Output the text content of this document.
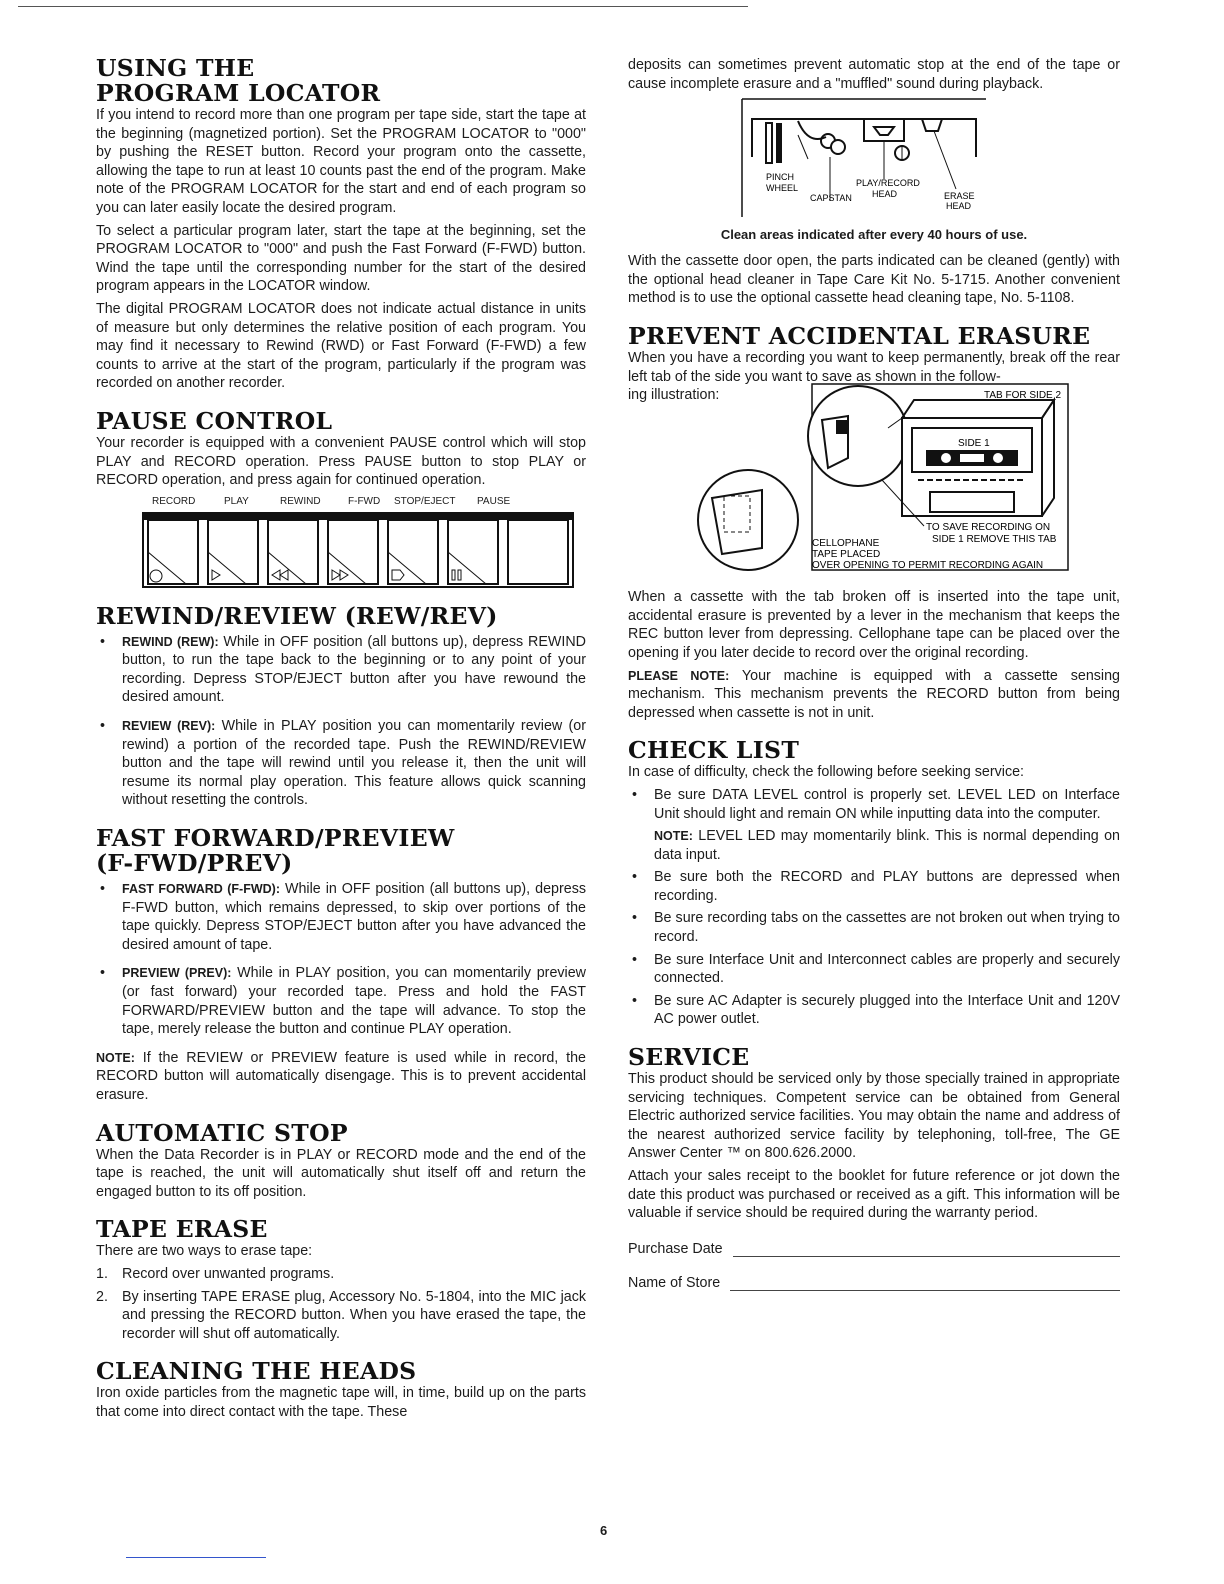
USING THE
PROGRAM LOCATOR

If you intend to record more than one program per tape side, start the tape at the beginning (magnetized portion). Set the PROGRAM LOCATOR to "000" by pushing the RESET button. Record your program onto the cassette, allowing the tape to run at least 10 counts past the end of the program. Make note of the PROGRAM LOCATOR for the start and end of each program so you can later easily locate the desired program.

To select a particular program later, start the tape at the beginning, set the PROGRAM LOCATOR to "000" and push the Fast Forward (F-FWD) button. Wind the tape until the corresponding number for the start of the desired program appears in the LOCATOR window.

The digital PROGRAM LOCATOR does not indicate actual distance in units of measure but only determines the relative position of each program. You may find it necessary to Rewind (RWD) or Fast Forward (F-FWD) a few counts to arrive at the start of the program, particularly if the program was recorded on another recorder.

PAUSE CONTROL

Your recorder is equipped with a convenient PAUSE control which will stop PLAY and RECORD operation. Press PAUSE button to stop PLAY or RECORD operation, and press again for continued operation.

RECORD	PLAY	REWIND	F-FWD STOP/EJECT PAUSE
REWIND/REVIEW (REW/REV)
• REWIND (REW): While in OFF position (all buttons up), depress REWIND button, to run the tape back to the beginning or to any point of your recording. Depress STOP/EJECT button after you have rewound the desired amount.
• REVIEW (REV): While in PLAY position you can momentarily review (or rewind) a portion of the recorded tape. Push the REWIND/REVIEW button and the tape will rewind until you release it, then the unit will resume its normal play operation. This feature allows quick scanning without resetting the controls.
FAST FORWARD/PREVIEW
(F-FWD/PREV)
• FAST FORWARD (F-FWD): While in OFF position (all buttons up), depress F-FWD button, which remains depressed, to skip over portions of the tape quickly. Depress STOP/EJECT button after you have advanced the desired amount of tape.
• PREVIEW (PREV): While in PLAY position, you can momentarily preview (or fast forward) your recorded tape. Press and hold the FAST FORWARD/PREVIEW button and the tape will advance. To stop the tape, merely release the button and continue PLAY operation.

NOTE: If the REVIEW or PREVIEW feature is used while in record, the RECORD button will automatically disengage. This is to prevent accidental erasure.

AUTOMATIC STOP

When the Data Recorder is in PLAY or RECORD mode and the end of the tape is reached, the unit will automatically shut itself off and return the engaged button to its off position.

TAPE ERASE

There are two ways to erase tape:

1. Record over unwanted programs.
2. By inserting TAPE ERASE plug, Accessory No. 5-1804, into the MIC jack and pressing the RECORD button. When you have erased the tape, the recorder will shut off automatically.
CLEANING THE HEADS

Iron oxide particles from the magnetic tape will, in time, build up on the parts that come into direct contact with the tape. These

deposits can sometimes prevent automatic stop at the end of the tape or cause incomplete erasure and a "muffled" sound during playback.

PINCH
WHEEL	PLAY/RECORD
HEAD
CAPSTAN	ERASE
HEAD
Clean areas indicated after every 40 hours of use.

With the cassette door open, the parts indicated can be cleaned (gently) with the optional head cleaner in Tape Care Kit No. 5-1715. Another convenient method is to use the optional cassette head cleaning tape, No. 5-1108.

PREVENT ACCIDENTAL ERASURE

When you have a recording you want to keep permanently, break off the rear left tab of the side you want to save as shown in the follow-

ing illustration:	TAB FOR SIDE 2
SIDE 1
TO SAVE RECORDING ON
SIDE 1 REMOVE THIS TAB
CELLOPHANE
TAPE PLACED
OVER OPENING TO PERMIT RECORDING AGAIN

When a cassette with the tab broken off is inserted into the tape unit, accidental erasure is prevented by a lever in the mechanism that keeps the REC button lever from depressing. Cellophane tape can be placed over the opening if you later decide to record over the original recording.

PLEASE NOTE: Your machine is equipped with a cassette sensing mechanism. This mechanism prevents the RECORD button from being depressed when cassette is not in unit.

CHECK LIST

In case of difficulty, check the following before seeking service:

• Be sure DATA LEVEL control is properly set. LEVEL LED on Interface Unit should light and remain ON while inputting data into the computer.
NOTE: LEVEL LED may momentarily blink. This is normal depending on data input.
• Be sure both the RECORD and PLAY buttons are depressed when recording.
• Be sure recording tabs on the cassettes are not broken out when trying to record.
• Be sure Interface Unit and Interconnect cables are properly and securely connected.
• Be sure AC Adapter is securely plugged into the Interface Unit and 120V AC power outlet.
SERVICE

This product should be serviced only by those specially trained in appropriate servicing techniques. Competent service can be obtained from General Electric authorized service facilities. You may obtain the name and address of the nearest authorized service facility by telephoning, toll-free, The GE Answer Center ™ on 800.626.2000.

Attach your sales receipt to the booklet for future reference or jot down the date this product was purchased or received as a gift. This information will be valuable if service should be required during the warranty period.

Purchase Date
Name of Store
6
